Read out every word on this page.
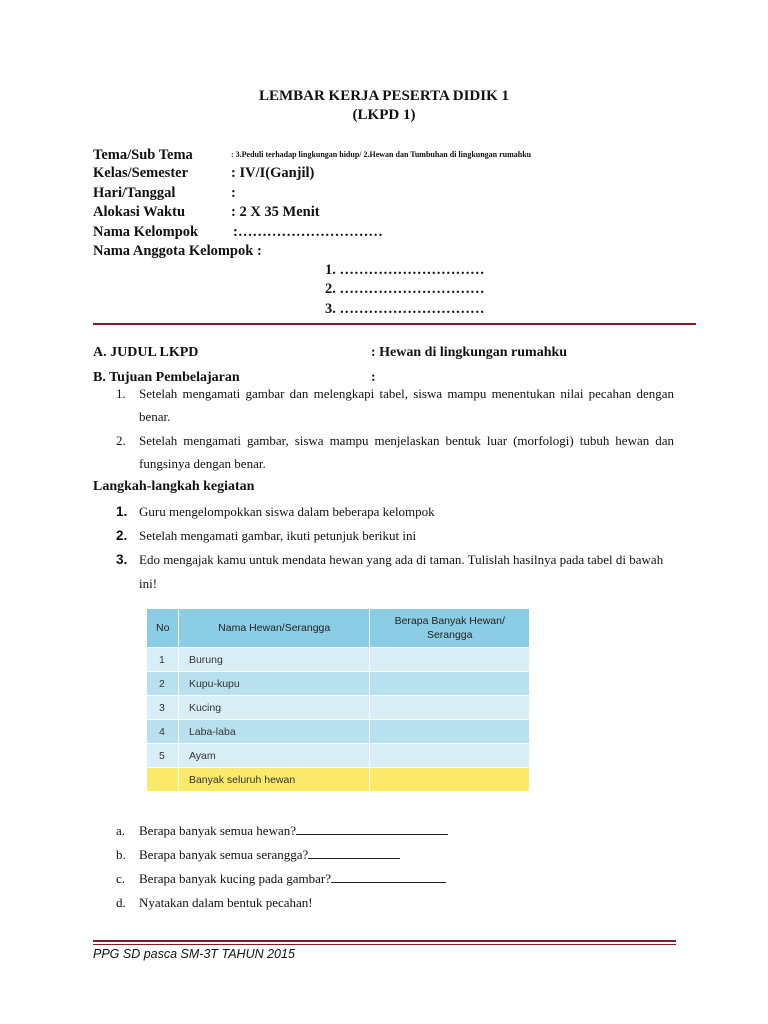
LEMBAR KERJA PESERTA DIDIK 1
(LKPD 1)
Tema/Sub Tema	: 3.Peduli terhadap lingkungan hidup/ 2.Hewan dan Tumbuhan di lingkungan rumahku
Kelas/Semester	: IV/I(Ganjil)
Hari/Tanggal	:
Alokasi Waktu	: 2 X 35 Menit
Nama Kelompok :…………………………
Nama Anggota Kelompok :
1. …………………………
2. …………………………
3. …………………………
A. JUDUL LKPD	: Hewan di lingkungan rumahku
B. Tujuan Pembelajaran	:
1. Setelah mengamati gambar dan melengkapi tabel, siswa mampu menentukan nilai pecahan dengan benar.
2. Setelah mengamati gambar, siswa mampu menjelaskan bentuk luar (morfologi) tubuh hewan dan fungsinya dengan benar.
Langkah-langkah kegiatan
1. Guru mengelompokkan siswa dalam beberapa kelompok
2. Setelah mengamati gambar, ikuti petunjuk berikut ini
3. Edo mengajak kamu untuk mendata hewan yang ada di taman. Tulislah hasilnya pada tabel di bawah ini!
No	Nama Hewan/Serangga	Berapa Banyak Hewan/ Serangga
1	Burung	
2	Kupu-kupu	
3	Kucing	
4	Laba-laba	
5	Ayam	
	Banyak seluruh hewan	
a. Berapa banyak semua hewan?
b. Berapa banyak semua serangga?
c. Berapa banyak kucing pada gambar?
d. Nyatakan dalam bentuk pecahan!
PPG SD pasca SM-3T TAHUN 2015
